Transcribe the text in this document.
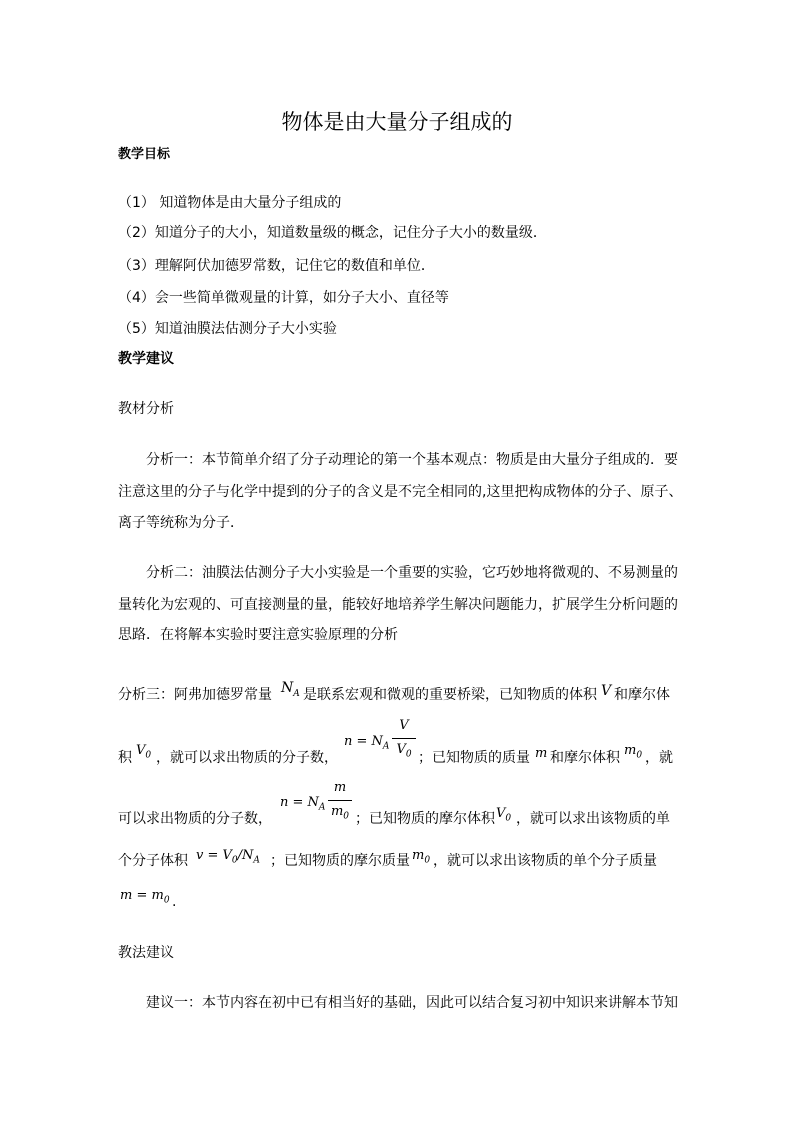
物体是由大量分子组成的
教学目标
（1） 知道物体是由大量分子组成的
（2）知道分子的大小，知道数量级的概念，记住分子大小的数量级．
（3）理解阿伏加德罗常数，记住它的数值和单位．
（4）会一些简单微观量的计算，如分子大小、直径等
（5）知道油膜法估测分子大小实验
教学建议
教材分析
分析一：本节简单介绍了分子动理论的第一个基本观点：物质是由大量分子组成的．要
注意这里的分子与化学中提到的分子的含义是不完全相同的,这里把构成物体的分子、原子、
离子等统称为分子．
分析二：油膜法估测分子大小实验是一个重要的实验，它巧妙地将微观的、不易测量的
量转化为宏观的、可直接测量的量，能较好地培养学生解决问题能力，扩展学生分析问题的
思路．在将解本实验时要注意实验原理的分析
分析三：阿弗加德罗常量 $N_A$ 是联系宏观和微观的重要桥梁，已知物质的体积 V 和摩尔体
积 $V_0$ ，就可以求出物质的分子数，
$n = N_A$
V
$V_0$ ；已知物质的质量 m 和摩尔体积 $m_0$ ，就
可以求出物质的分子数，
$n = N_A$
m
$m_0$ ；已知物质的摩尔体积 $V_0$ ，就可以求出该物质的单
个分子体积 $v = V_0/N_A$ ；已知物质的摩尔质量 $m_0$ ，就可以求出该物质的单个分子质量
$m = m_0$ .
教法建议
建议一：本节内容在初中已有相当好的基础，因此可以结合复习初中知识来讲解本节知
